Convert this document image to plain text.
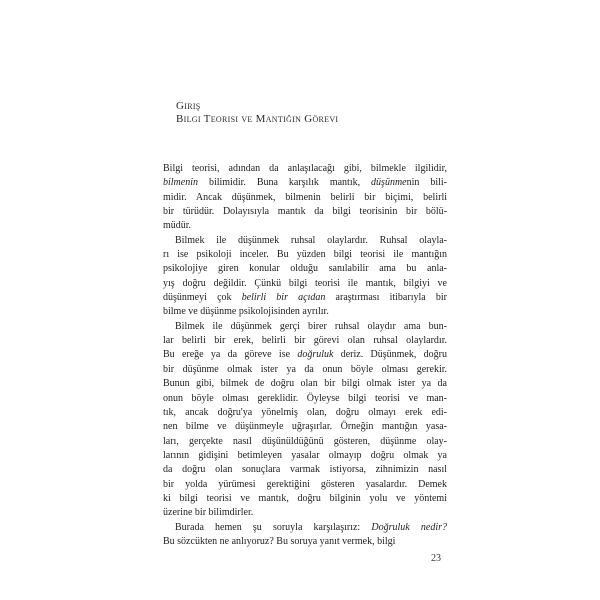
Giriş
Bilgi Teorisi ve Mantığın Görevi
Bilgi teorisi, adından da anlaşılacağı gibi, bilmekle ilgilidir,
bilmenin bilimidir. Buna karşılık mantık, düşünmenin bili-
midir. Ancak düşünmek, bilmenin belirli bir biçimi, belirli
bir türüdür. Dolayısıyla mantık da bilgi teorisinin bir bölü-
müdür.
Bilmek ile düşünmek ruhsal olaylardır. Ruhsal olayla-
rı ise psikoloji inceler. Bu yüzden bilgi teorisi ile mantığın
psikolojiye giren konular olduğu sanılabilir ama bu anla-
yış doğru değildir. Çünkü bilgi teorisi ile mantık, bilgiyi ve
düşünmeyi çok belirli bir açıdan araştırması itibarıyla bir
bilme ve düşünme psikolojisinden ayrılır.
Bilmek ile düşünmek gerçi birer ruhsal olaydır ama bun-
lar belirli bir erek, belirli bir görevi olan ruhsal olaylardır.
Bu ereğe ya da göreve ise doğruluk deriz. Düşünmek, doğru
bir düşünme olmak ister ya da onun böyle olması gerekir.
Bunun gibi, bilmek de doğru olan bir bilgi olmak ister ya da
onun böyle olması gereklidir. Öyleyse bilgi teorisi ve man-
tık, ancak doğru'ya yönelmiş olan, doğru olmayı erek edi-
nen bilme ve düşünmeyle uğraşırlar. Örneğin mantığın yasa-
ları, gerçekte nasıl düşünüldüğünü gösteren, düşünme olay-
larının gidişini betimleyen yasalar olmayıp doğru olmak ya
da doğru olan sonuçlara varmak istiyorsa, zihnimizin nasıl
bir yolda yürümesi gerektiğini gösteren yasalardır. Demek
ki bilgi teorisi ve mantık, doğru bilginin yolu ve yöntemi
üzerine bir bilimdirler.
Burada hemen şu soruyla karşılaşırız: Doğruluk nedir?
Bu sözcükten ne anlıyoruz? Bu soruya yanıt vermek, bilgi
23
